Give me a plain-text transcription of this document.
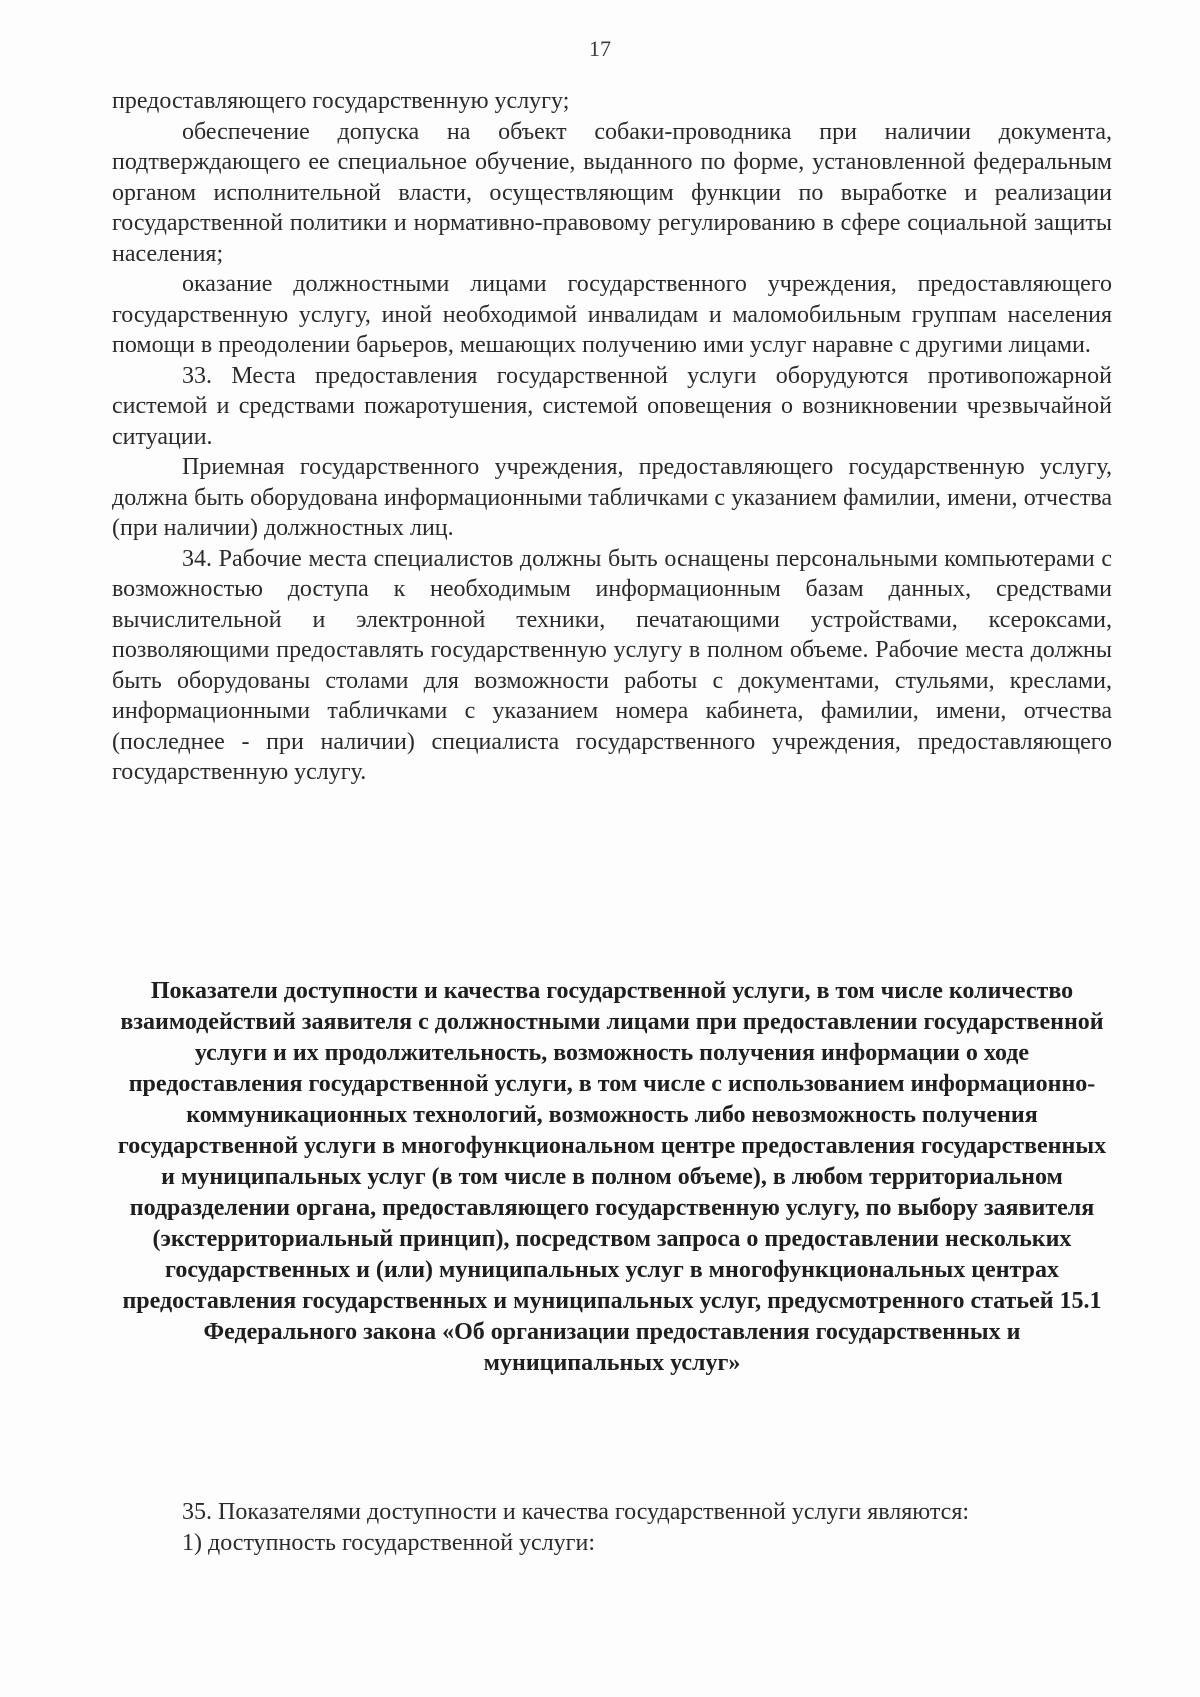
17

предоставляющего государственную услугу;

обеспечение допуска на объект собаки-проводника при наличии документа, подтверждающего ее специальное обучение, выданного по форме, установленной федеральным органом исполнительной власти, осуществляющим функции по выработке и реализации государственной политики и нормативно-правовому регулированию в сфере социальной защиты населения;

оказание должностными лицами государственного учреждения, предоставляющего государственную услугу, иной необходимой инвалидам и маломобильным группам населения помощи в преодолении барьеров, мешающих получению ими услуг наравне с другими лицами.

33. Места предоставления государственной услуги оборудуются противопожарной системой и средствами пожаротушения, системой оповещения о возникновении чрезвычайной ситуации.

Приемная государственного учреждения, предоставляющего государственную услугу, должна быть оборудована информационными табличками с указанием фамилии, имени, отчества (при наличии) должностных лиц.

34. Рабочие места специалистов должны быть оснащены персональными компьютерами с возможностью доступа к необходимым информационным базам данных, средствами вычислительной и электронной техники, печатающими устройствами, ксероксами, позволяющими предоставлять государственную услугу в полном объеме. Рабочие места должны быть оборудованы столами для возможности работы с документами, стульями, креслами, информационными табличками с указанием номера кабинета, фамилии, имени, отчества (последнее - при наличии) специалиста государственного учреждения, предоставляющего государственную услугу.

Показатели доступности и качества государственной услуги, в том числе количество взаимодействий заявителя с должностными лицами при предоставлении государственной услуги и их продолжительность, возможность получения информации о ходе предоставления государственной услуги, в том числе с использованием информационно-коммуникационных технологий, возможность либо невозможность получения государственной услуги в многофункциональном центре предоставления государственных и муниципальных услуг (в том числе в полном объеме), в любом территориальном подразделении органа, предоставляющего государственную услугу, по выбору заявителя (экстерриториальный принцип), посредством запроса о предоставлении нескольких государственных и (или) муниципальных услуг в многофункциональных центрах предоставления государственных и муниципальных услуг, предусмотренного статьей 15.1 Федерального закона «Об организации предоставления государственных и муниципальных услуг»

35. Показателями доступности и качества государственной услуги являются:

1) доступность государственной услуги:
